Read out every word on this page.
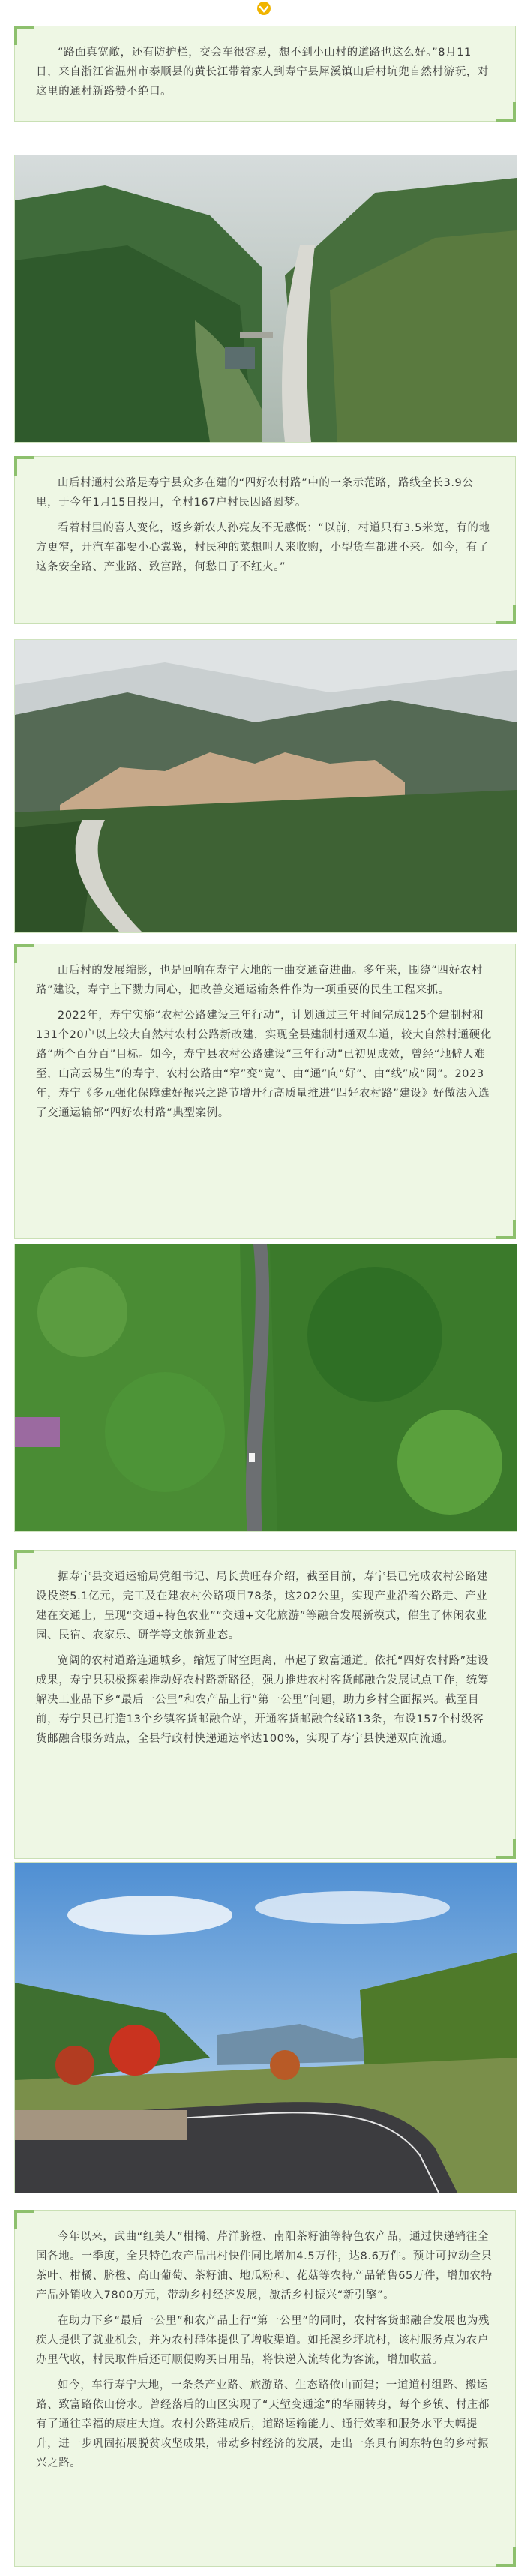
“路面真宽敞，还有防护栏，交会车很容易，想不到小山村的道路也这么好。”8月11日，来自浙江省温州市泰顺县的黄长江带着家人到寿宁县犀溪镇山后村坑兜自然村游玩，对这里的通村新路赞不绝口。

山后村通村公路是寿宁县众多在建的“四好农村路”中的一条示范路，路线全长3.9公里，于今年1月15日投用，全村167户村民因路圆梦。

看着村里的喜人变化，返乡新农人孙亮友不无感慨：“以前，村道只有3.5米宽，有的地方更窄，开汽车都要小心翼翼，村民种的菜想叫人来收购，小型货车都进不来。如今，有了这条安全路、产业路、致富路，何愁日子不红火。”

山后村的发展缩影，也是回响在寿宁大地的一曲交通奋进曲。多年来，围绕“四好农村路”建设，寿宁上下勠力同心，把改善交通运输条件作为一项重要的民生工程来抓。

2022年，寿宁实施“农村公路建设三年行动”，计划通过三年时间完成125个建制村和131个20户以上较大自然村农村公路新改建，实现全县建制村通双车道，较大自然村通硬化路“两个百分百”目标。如今，寿宁县农村公路建设“三年行动”已初见成效，曾经“地僻人难至，山高云易生”的寿宁，农村公路由“窄”变“宽”、由“通”向“好”、由“线”成“网”。2023年，寿宁《多元强化保障建好振兴之路节增开行高质量推进“四好农村路”建设》好做法入选了交通运输部“四好农村路”典型案例。

据寿宁县交通运输局党组书记、局长黄旺春介绍，截至目前，寿宁县已完成农村公路建设投资5.1亿元，完工及在建农村公路项目78条，这202公里，实现产业沿着公路走、产业建在交通上，呈现“交通+特色农业”“交通+文化旅游”等融合发展新模式，催生了休闲农业园、民宿、农家乐、研学等文旅新业态。

宽阔的农村道路连通城乡，缩短了时空距离，串起了致富通道。依托“四好农村路”建设成果，寿宁县积极探索推动好农村路新路径，强力推进农村客货邮融合发展试点工作，统筹解决工业品下乡“最后一公里”和农产品上行“第一公里”问题，助力乡村全面振兴。截至目前，寿宁县已打造13个乡镇客货邮融合站，开通客货邮融合线路13条，布设157个村级客货邮融合服务站点，全县行政村快递通达率达100%，实现了寿宁县快递双向流通。

今年以来，武曲“红美人”柑橘、芹洋脐橙、南阳茶籽油等特色农产品，通过快递销往全国各地。一季度，全县特色农产品出村快件同比增加4.5万件，达8.6万件。预计可拉动全县茶叶、柑橘、脐橙、高山葡萄、茶籽油、地瓜粉和、花菇等农特产品销售65万件，增加农特产品外销收入7800万元，带动乡村经济发展，激活乡村振兴“新引擎”。

在助力下乡“最后一公里”和农产品上行“第一公里”的同时，农村客货邮融合发展也为残疾人提供了就业机会，并为农村群体提供了增收渠道。如托溪乡坪坑村，该村服务点为农户办里代收，村民取件后还可顺便购买日用品，将快递入流转化为客流，增加收益。

如今，车行寿宁大地，一条条产业路、旅游路、生态路依山而建；一道道村组路、搬运路、致富路依山傍水。曾经落后的山区实现了“天堑变通途”的华丽转身，每个乡镇、村庄都有了通往幸福的康庄大道。农村公路建成后，道路运输能力、通行效率和服务水平大幅提升，进一步巩固拓展脱贫攻坚成果，带动乡村经济的发展，走出一条具有闽东特色的乡村振兴之路。
